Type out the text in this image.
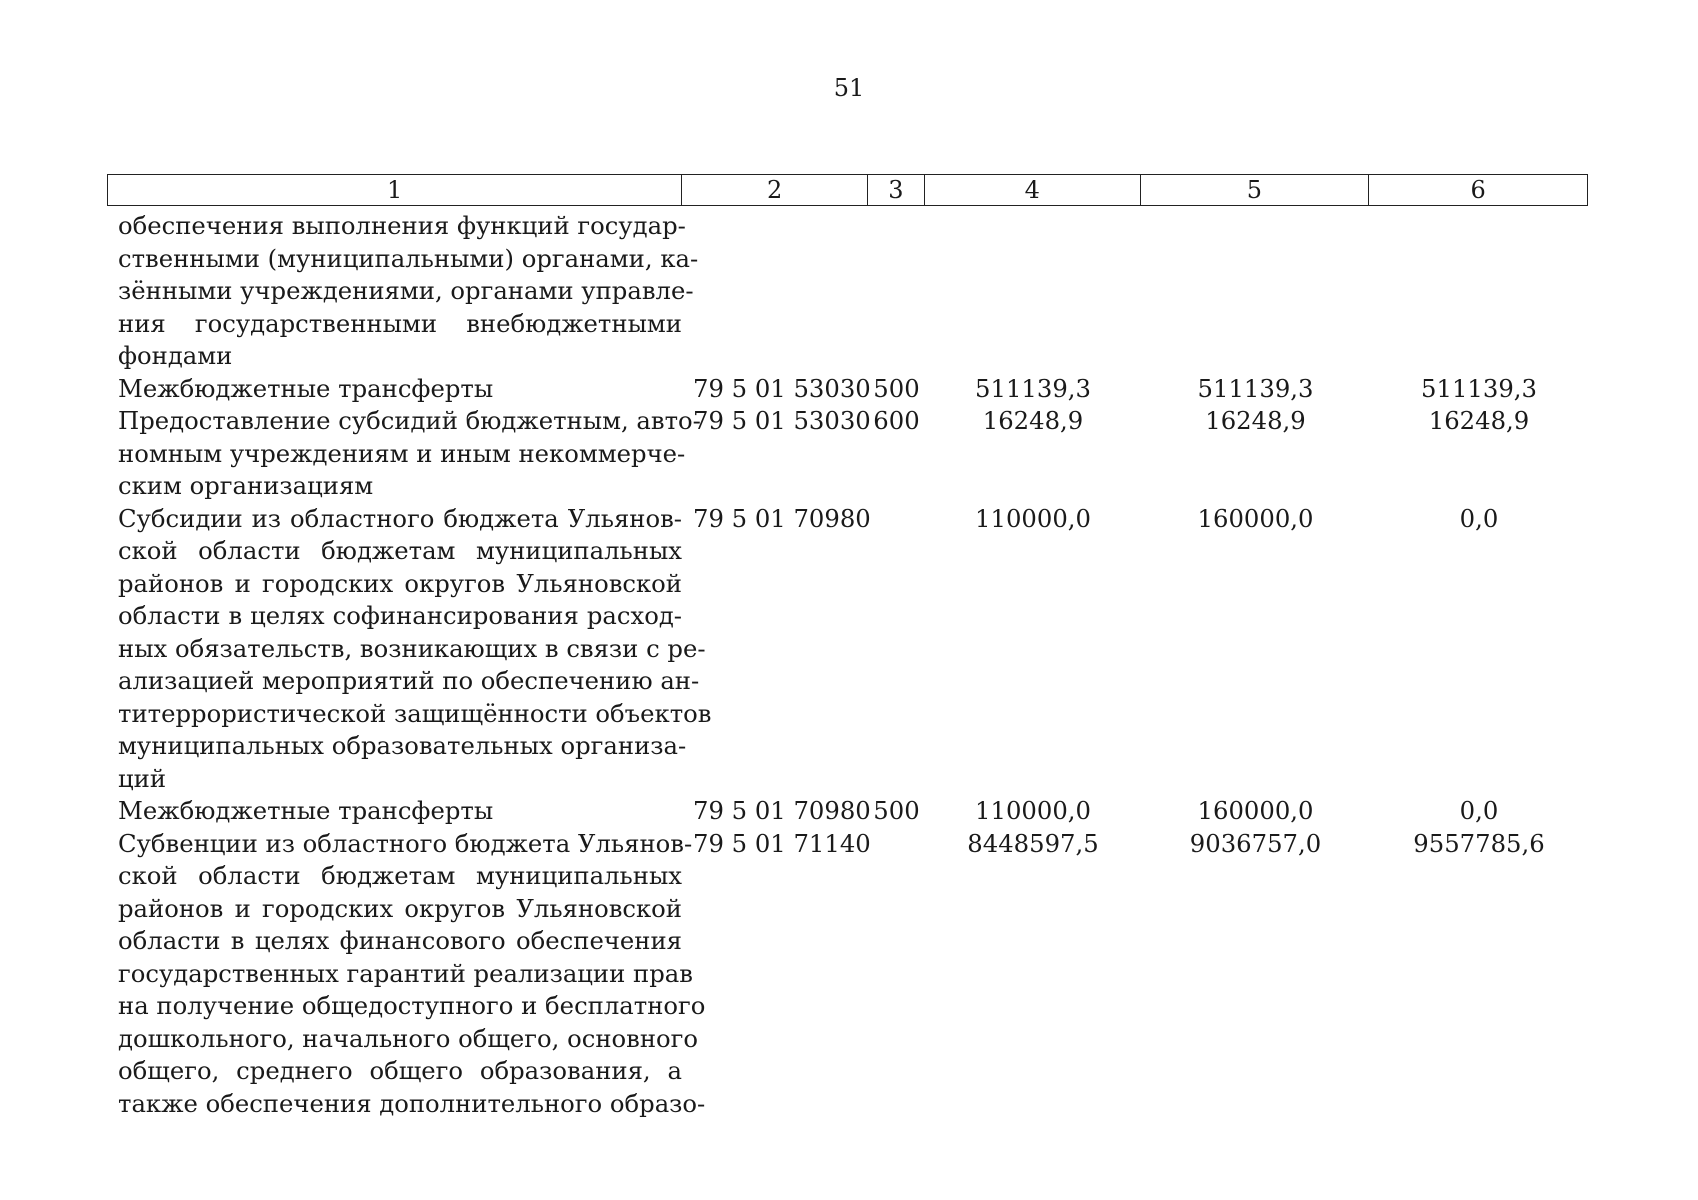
51
1	2	3	4	5	6
обеспечения выполнения функций государ-
ственными (муниципальными) органами, ка-
зёнными учреждениями, органами управле-
ния государственными внебюджетными
фондами
Межбюджетные трансферты	79 5 01 53030 500	511139,3	511139,3	511139,3
Предоставление субсидий бюджетным, авто-
номным учреждениям и иным некоммерче-
ским организациям
79 5 01 53030 600	16248,9	16248,9	16248,9
Субсидии из областного бюджета Ульянов-
ской области бюджетам муниципальных
районов и городских округов Ульяновской
области в целях софинансирования расход-
ных обязательств, возникающих в связи с ре-
ализацией мероприятий по обеспечению ан-
титеррористической защищённости объектов
муниципальных образовательных организа-
ций
79 5 01 70980	110000,0	160000,0	0,0
Межбюджетные трансферты	79 5 01 70980 500	110000,0	160000,0	0,0
Субвенции из областного бюджета Ульянов-
ской области бюджетам муниципальных
районов и городских округов Ульяновской
области в целях финансового обеспечения
государственных гарантий реализации прав
на получение общедоступного и бесплатного
дошкольного, начального общего, основного
общего, среднего общего образования, а
также обеспечения дополнительного образо-
79 5 01 71140	8448597,5	9036757,0	9557785,6
